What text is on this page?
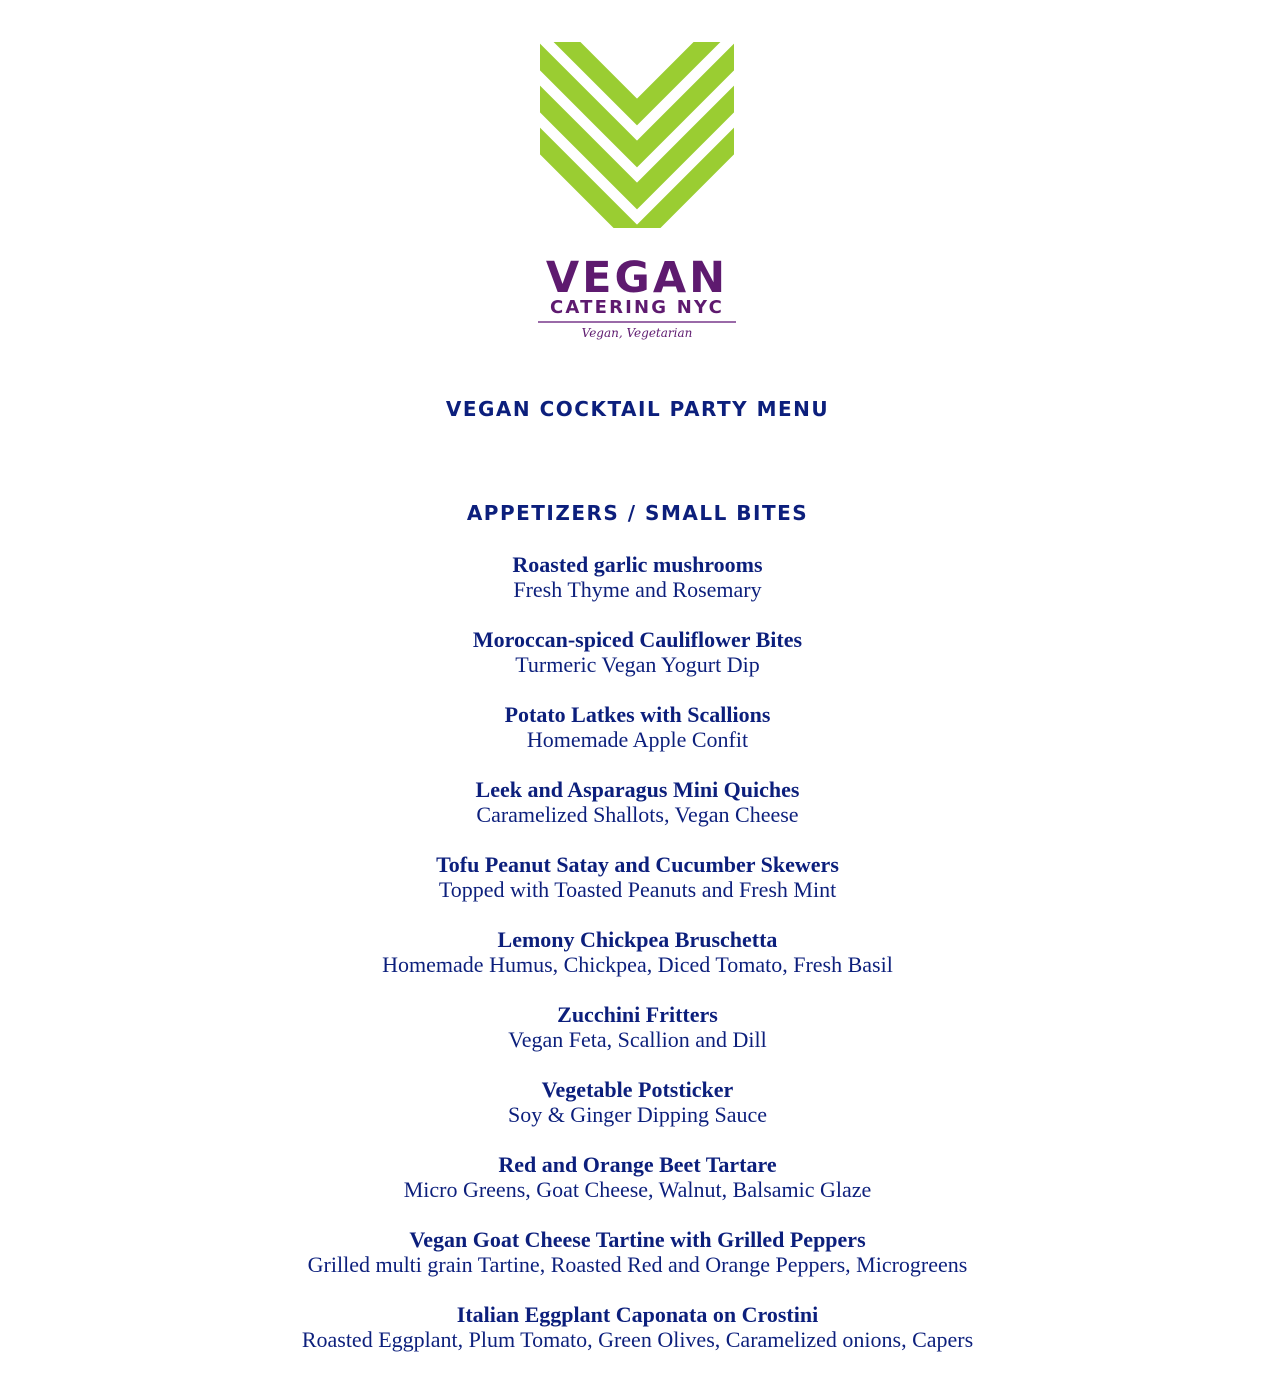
VEGAN
CATERING NYC
Vegan, Vegetarian
VEGAN COCKTAIL PARTY MENU
APPETIZERS / SMALL BITES
Roasted garlic mushrooms
Fresh Thyme and Rosemary
Moroccan-spiced Cauliflower Bites
Turmeric Vegan Yogurt Dip
Potato Latkes with Scallions
Homemade Apple Confit
Leek and Asparagus Mini Quiches
Caramelized Shallots, Vegan Cheese
Tofu Peanut Satay and Cucumber Skewers
Topped with Toasted Peanuts and Fresh Mint
Lemony Chickpea Bruschetta
Homemade Humus, Chickpea, Diced Tomato, Fresh Basil
Zucchini Fritters
Vegan Feta, Scallion and Dill
Vegetable Potsticker
Soy & Ginger Dipping Sauce
Red and Orange Beet Tartare
Micro Greens, Goat Cheese, Walnut, Balsamic Glaze
Vegan Goat Cheese Tartine with Grilled Peppers
Grilled multi grain Tartine, Roasted Red and Orange Peppers, Microgreens
Italian Eggplant Caponata on Crostini
Roasted Eggplant, Plum Tomato, Green Olives, Caramelized onions, Capers
